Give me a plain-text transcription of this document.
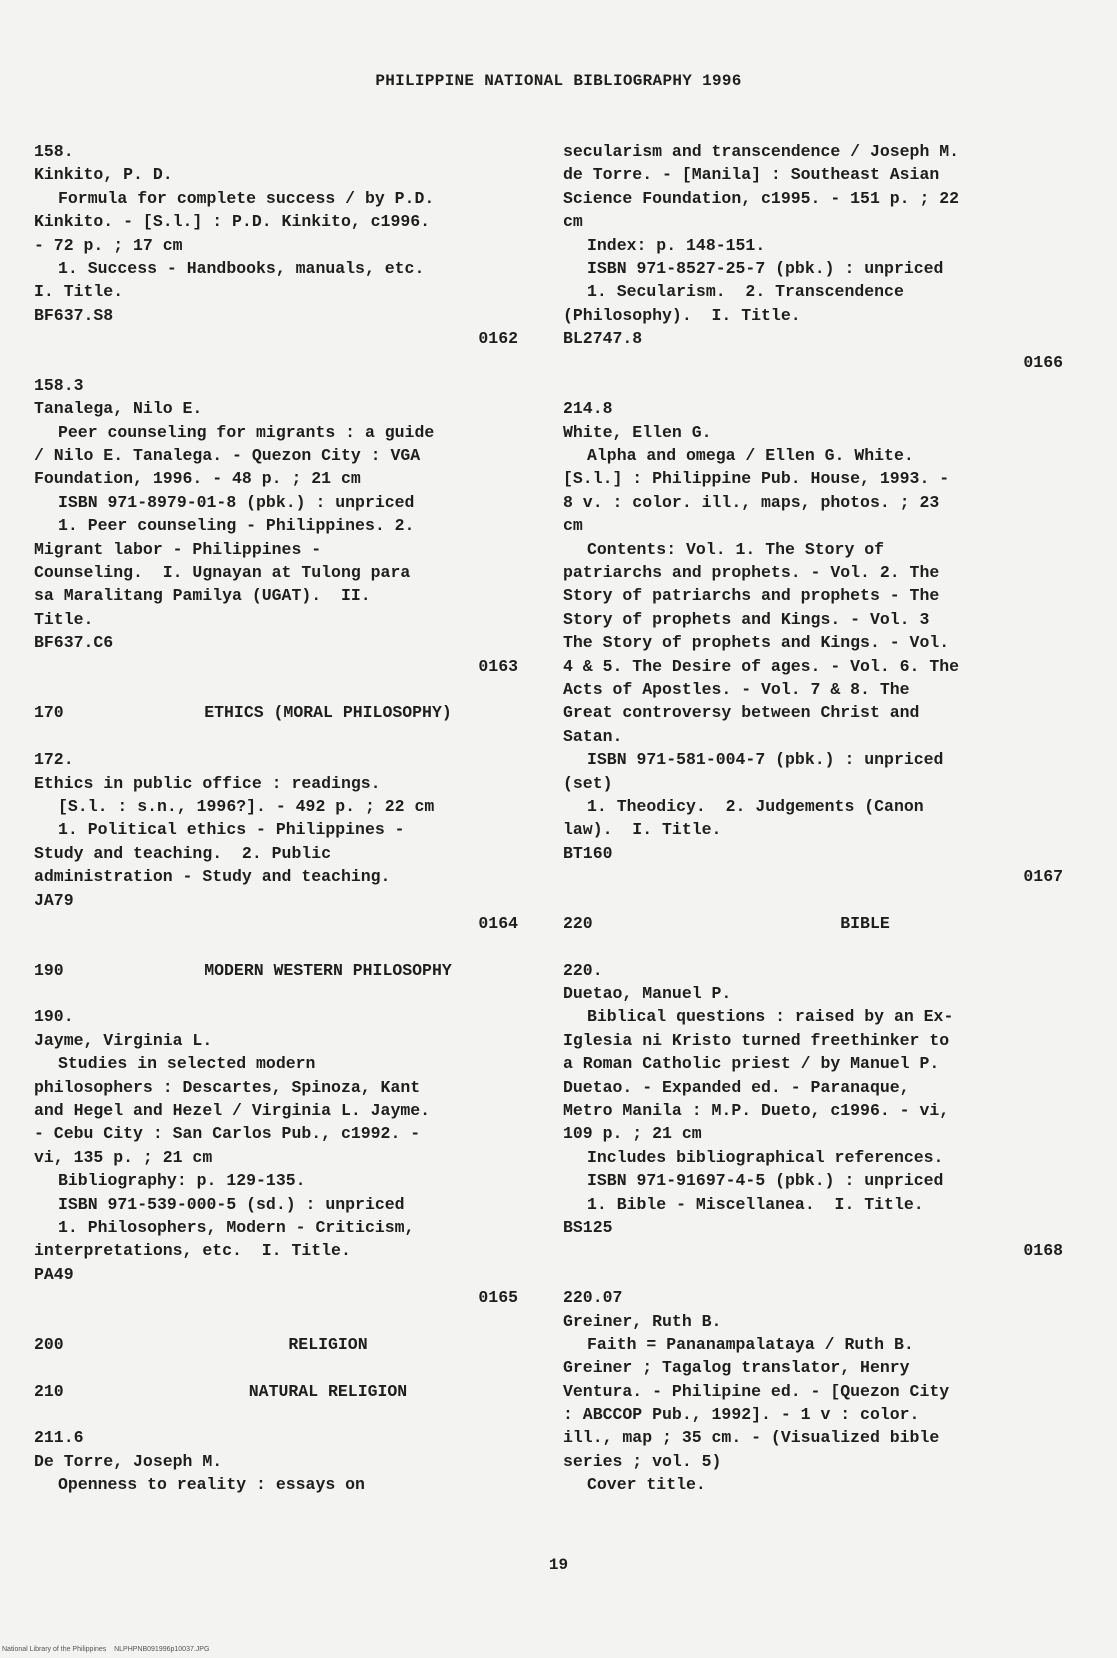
PHILIPPINE NATIONAL BIBLIOGRAPHY 1996
158.
Kinkito, P. D.
Formula for complete success / by P.D.
Kinkito. - [S.l.] : P.D. Kinkito, c1996.
- 72 p. ; 17 cm
1. Success - Handbooks, manuals, etc.
I. Title.
BF637.S8
0162
158.3
Tanalega, Nilo E.
Peer counseling for migrants : a guide
/ Nilo E. Tanalega. - Quezon City : VGA
Foundation, 1996. - 48 p. ; 21 cm
ISBN 971-8979-01-8 (pbk.) : unpriced
1. Peer counseling - Philippines. 2.
Migrant labor - Philippines -
Counseling.  I. Ugnayan at Tulong para
sa Maralitang Pamilya (UGAT).  II.
Title.
BF637.C6
0163
170	ETHICS (MORAL PHILOSOPHY)
172.
Ethics in public office : readings.
[S.l. : s.n., 1996?]. - 492 p. ; 22 cm
1. Political ethics - Philippines -
Study and teaching.  2. Public
administration - Study and teaching.
JA79
0164
190	MODERN WESTERN PHILOSOPHY
190.
Jayme, Virginia L.
Studies in selected modern
philosophers : Descartes, Spinoza, Kant
and Hegel and Hezel / Virginia L. Jayme.
- Cebu City : San Carlos Pub., c1992. -
vi, 135 p. ; 21 cm
Bibliography: p. 129-135.
ISBN 971-539-000-5 (sd.) : unpriced
1. Philosophers, Modern - Criticism,
interpretations, etc.  I. Title.
PA49
0165
200	RELIGION
210	NATURAL RELIGION
211.6
De Torre, Joseph M.
Openness to reality : essays on
secularism and transcendence / Joseph M.
de Torre. - [Manila] : Southeast Asian
Science Foundation, c1995. - 151 p. ; 22
cm
Index: p. 148-151.
ISBN 971-8527-25-7 (pbk.) : unpriced
1. Secularism.  2. Transcendence
(Philosophy).  I. Title.
BL2747.8
0166
214.8
White, Ellen G.
Alpha and omega / Ellen G. White.
[S.l.] : Philippine Pub. House, 1993. -
8 v. : color. ill., maps, photos. ; 23
cm
Contents: Vol. 1. The Story of
patriarchs and prophets. - Vol. 2. The
Story of patriarchs and prophets - The
Story of prophets and Kings. - Vol. 3
The Story of prophets and Kings. - Vol.
4 & 5. The Desire of ages. - Vol. 6. The
Acts of Apostles. - Vol. 7 & 8. The
Great controversy between Christ and
Satan.
ISBN 971-581-004-7 (pbk.) : unpriced
(set)
1. Theodicy.  2. Judgements (Canon
law).  I. Title.
BT160
0167
220	BIBLE
220.
Duetao, Manuel P.
Biblical questions : raised by an Ex-
Iglesia ni Kristo turned freethinker to
a Roman Catholic priest / by Manuel P.
Duetao. - Expanded ed. - Paranaque,
Metro Manila : M.P. Dueto, c1996. - vi,
109 p. ; 21 cm
Includes bibliographical references.
ISBN 971-91697-4-5 (pbk.) : unpriced
1. Bible - Miscellanea.  I. Title.
BS125
0168
220.07
Greiner, Ruth B.
Faith = Pananampalataya / Ruth B.
Greiner ; Tagalog translator, Henry
Ventura. - Philipine ed. - [Quezon City
: ABCCOP Pub., 1992]. - 1 v : color.
ill., map ; 35 cm. - (Visualized bible
series ; vol. 5)
Cover title.
19
National Library of the Philippines NLPHPNB091996p10037.JPG
